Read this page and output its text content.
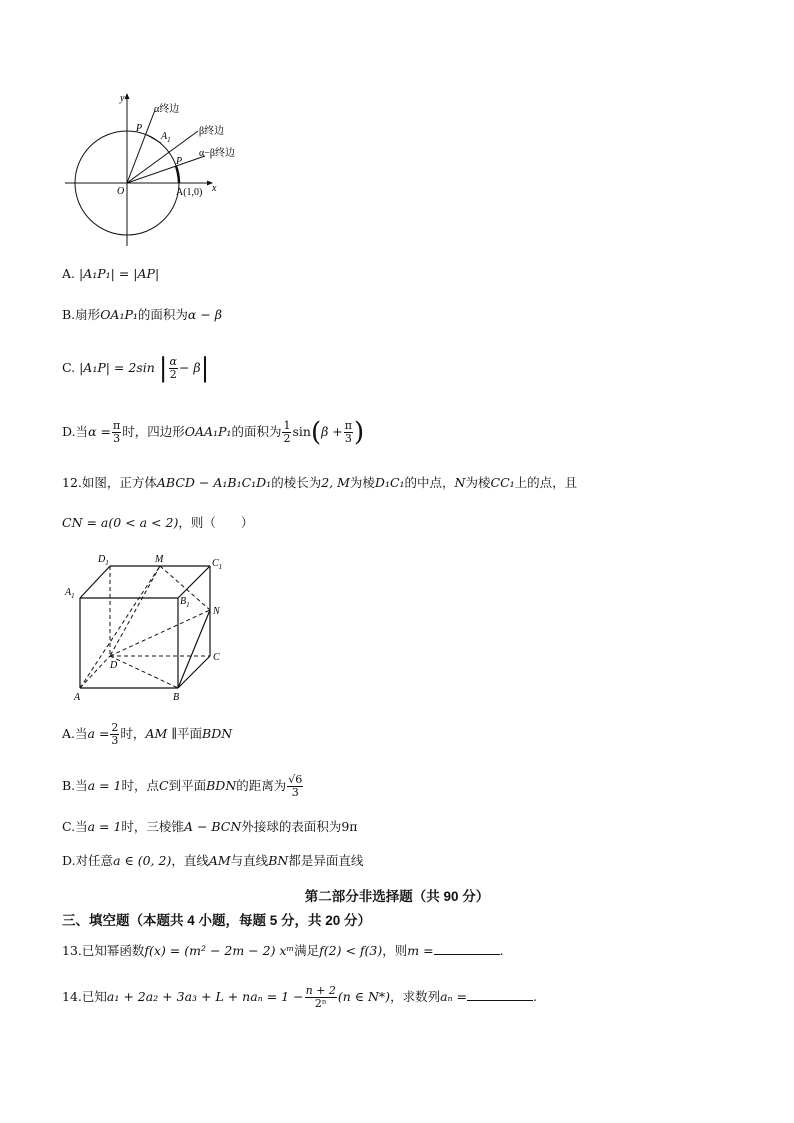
y
x
O
α终边
β终边
α−β终边
P
$A_1$
P
A(1,0)
A. |A₁P₁| = |AP|
B.扇形OA₁P₁的面积为α − β
C. |A₁P| = 2sin | $\frac{\alpha}{2} - \beta|$
D.当$\alpha = \frac{\pi}{3}$ 时，四边形OAA₁P₁的面积为 $\frac{1}{2} \sin(\beta + \frac{\pi}{3}$ )
12.如图，正方体ABCD − A₁B₁C₁D₁的棱长为2, M为棱D₁C₁的中点，N为棱CC₁上的点，且
CN = a(0 < a < 2)，则（　　）
$D_1$	M	$C_1$
$A_1$	$B_1$
N
D
C
A	B
A.当$a = \frac{2}{3}$ 时，AM ∥平面BDN
B.当a = 1时，点C到平面BDN的距离为 $\frac{√6}{3}$
C.当a = 1时，三棱锥A − BCN外接球的表面积为9π
D.对任意a ∈ (0, 2)，直线AM与直线BN都是异面直线
第二部分非选择题（共 90 分）
三、填空题（本题共 4 小题，每题 5 分，共 20 分）
13.已知幂函数f(x) = (m² − 2m − 2) xᵐ满足f(2) < f(3)，则m =	.
14.已知$a_1 + 2a_2 + 3a_3 + L + na_n = 1 - \frac{n + 2}{\text{2ⁿ}} (n$ ∈ N*)，求数列aₙ =	.
